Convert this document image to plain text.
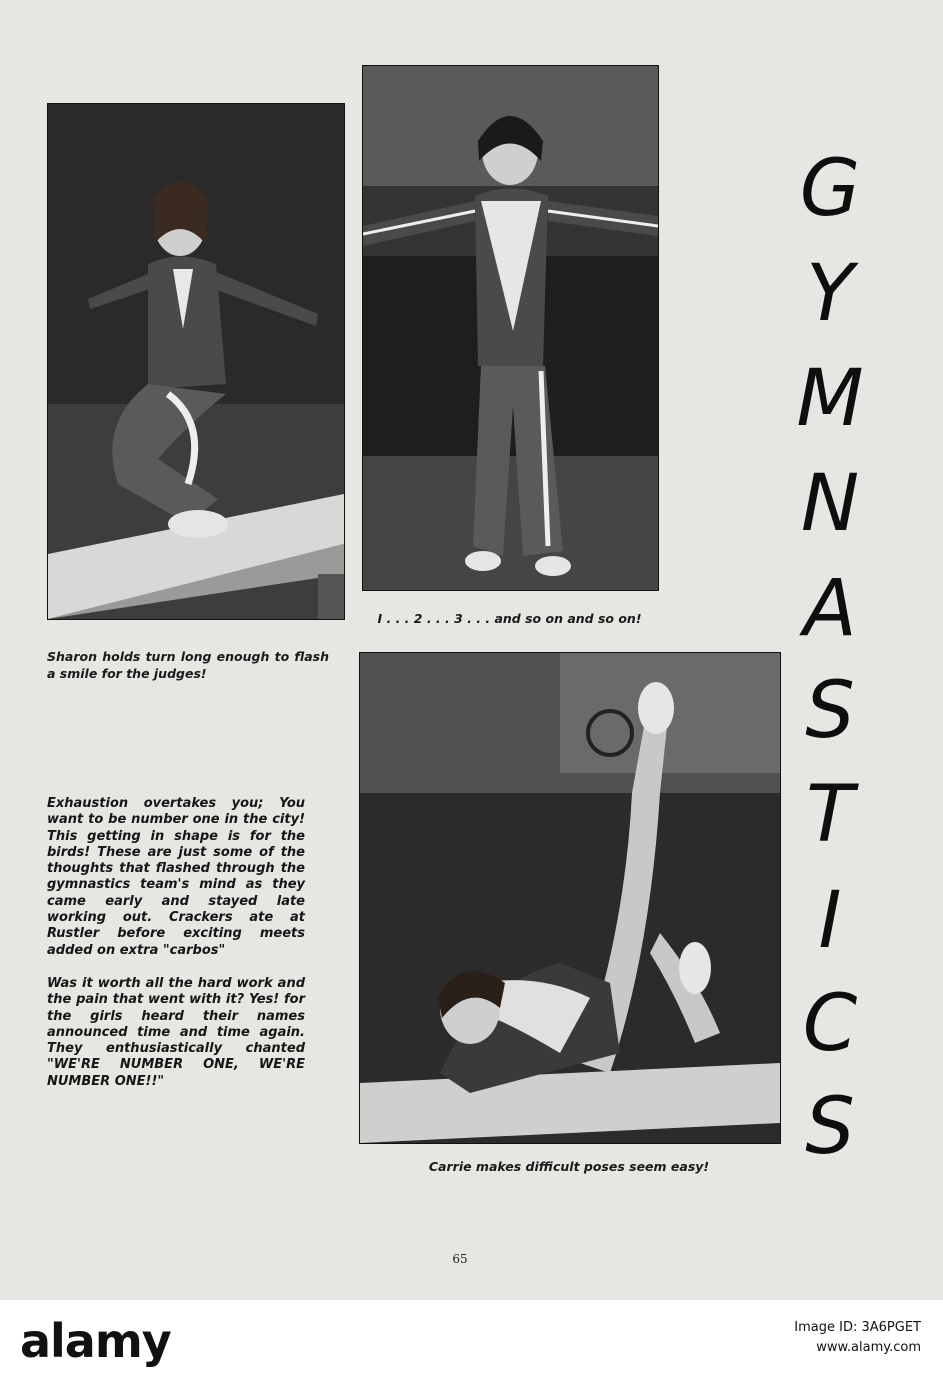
Sharon holds turn long enough to flash a smile for the judges!
I . . . 2 . . . 3 . . . and so on and so on!
Carrie makes difficult poses seem easy!

Exhaustion overtakes you; You want to be number one in the city! This getting in shape is for the birds! These are just some of the thoughts that flashed through the gymnastics team's mind as they came early and stayed late working out. Crackers ate at Rustler before exciting meets added on extra "carbos"

Was it worth all the hard work and the pain that went with it? Yes! for the girls heard their names announced time and time again. They enthusiastically chanted "WE'RE NUMBER ONE, WE'RE NUMBER ONE!!"

G
Y
M
N
A
S
T
I
C
S
65
alamy	Image ID: 3A6PGET
www.alamy.com
